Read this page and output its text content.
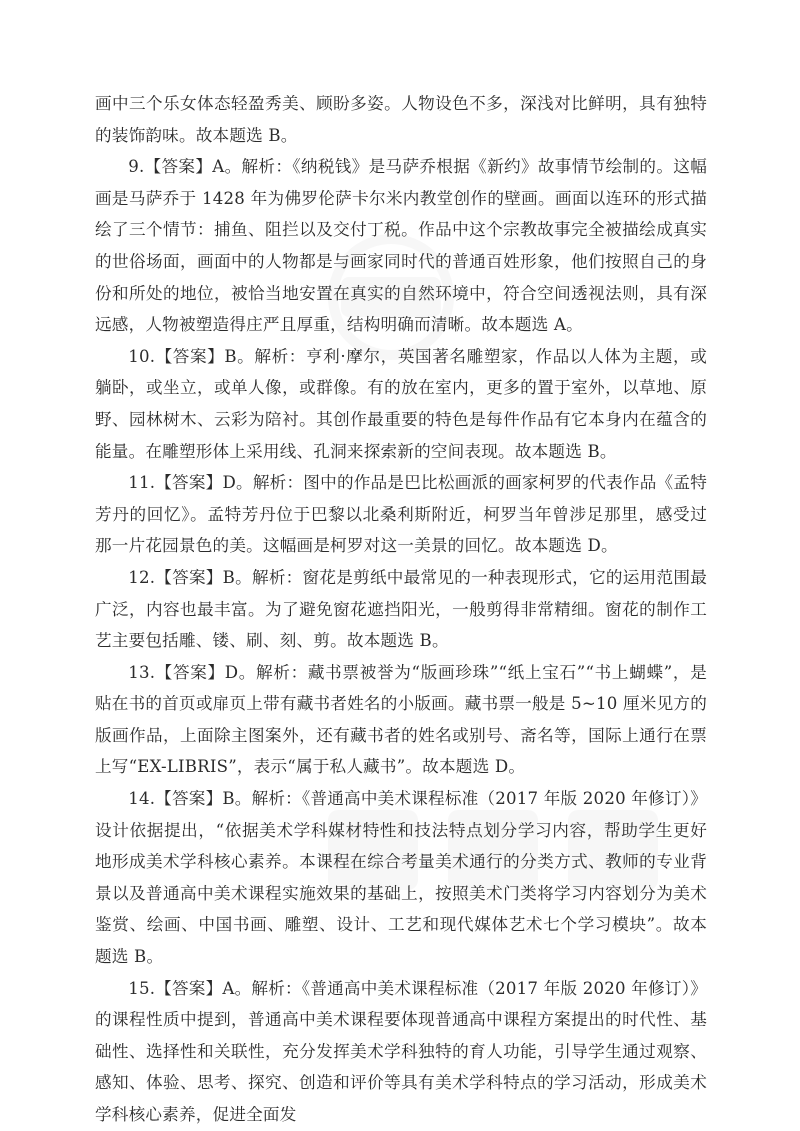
画中三个乐女体态轻盈秀美、顾盼多姿。人物设色不多，深浅对比鲜明，具有独特的装饰韵味。故本题选 B。

9.【答案】A。解析：《纳税钱》是马萨乔根据《新约》故事情节绘制的。这幅画是马萨乔于 1428 年为佛罗伦萨卡尔米内教堂创作的壁画。画面以连环的形式描绘了三个情节：捕鱼、阻拦以及交付丁税。作品中这个宗教故事完全被描绘成真实的世俗场面，画面中的人物都是与画家同时代的普通百姓形象，他们按照自己的身份和所处的地位，被恰当地安置在真实的自然环境中，符合空间透视法则，具有深远感，人物被塑造得庄严且厚重，结构明确而清晰。故本题选 A。

10.【答案】B。解析：亨利·摩尔，英国著名雕塑家，作品以人体为主题，或躺卧，或坐立，或单人像，或群像。有的放在室内，更多的置于室外，以草地、原野、园林树木、云彩为陪衬。其创作最重要的特色是每件作品有它本身内在蕴含的能量。在雕塑形体上采用线、孔洞来探索新的空间表现。故本题选 B。

11.【答案】D。解析：图中的作品是巴比松画派的画家柯罗的代表作品《孟特芳丹的回忆》。孟特芳丹位于巴黎以北桑利斯附近，柯罗当年曾涉足那里，感受过那一片花园景色的美。这幅画是柯罗对这一美景的回忆。故本题选 D。

12.【答案】B。解析：窗花是剪纸中最常见的一种表现形式，它的运用范围最广泛，内容也最丰富。为了避免窗花遮挡阳光，一般剪得非常精细。窗花的制作工艺主要包括雕、镂、刷、刻、剪。故本题选 B。

13.【答案】D。解析：藏书票被誉为“版画珍珠”“纸上宝石”“书上蝴蝶”，是贴在书的首页或扉页上带有藏书者姓名的小版画。藏书票一般是 5~10 厘米见方的版画作品，上面除主图案外，还有藏书者的姓名或别号、斋名等，国际上通行在票上写“EX-LIBRIS”，表示“属于私人藏书”。故本题选 D。

14.【答案】B。解析：《普通高中美术课程标准（2017 年版 2020 年修订）》设计依据提出，“依据美术学科媒材特性和技法特点划分学习内容，帮助学生更好地形成美术学科核心素养。本课程在综合考量美术通行的分类方式、教师的专业背景以及普通高中美术课程实施效果的基础上，按照美术门类将学习内容划分为美术鉴赏、绘画、中国书画、雕塑、设计、工艺和现代媒体艺术七个学习模块”。故本题选 B。

15.【答案】A。解析：《普通高中美术课程标准（2017 年版 2020 年修订）》的课程性质中提到，普通高中美术课程要体现普通高中课程方案提出的时代性、基础性、选择性和关联性，充分发挥美术学科独特的育人功能，引导学生通过观察、感知、体验、思考、探究、创造和评价等具有美术学科特点的学习活动，形成美术学科核心素养，促进全面发
